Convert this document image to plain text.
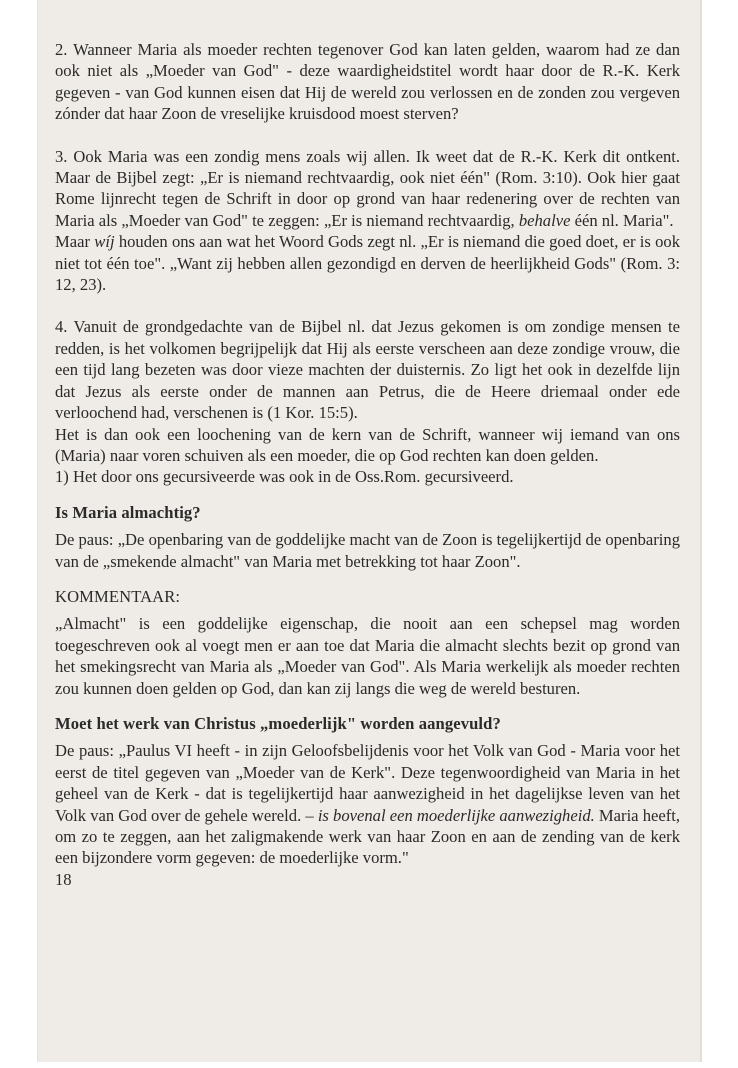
2. Wanneer Maria als moeder rechten tegenover God kan laten gelden, waarom had ze dan ook niet als „Moeder van God" - deze waardigheidstitel wordt haar door de R.-K. Kerk gegeven - van God kunnen eisen dat Hij de wereld zou verlossen en de zonden zou vergeven zónder dat haar Zoon de vreselijke kruisdood moest sterven?

3. Ook Maria was een zondig mens zoals wij allen. Ik weet dat de R.-K. Kerk dit ontkent. Maar de Bijbel zegt: „Er is niemand rechtvaardig, ook niet één" (Rom. 3:10). Ook hier gaat Rome lijnrecht tegen de Schrift in door op grond van haar redenering over de rechten van Maria als „Moeder van God" te zeggen: „Er is niemand rechtvaardig, behalve één nl. Maria".

Maar wíj houden ons aan wat het Woord Gods zegt nl. „Er is niemand die goed doet, er is ook niet tot één toe". „Want zij hebben allen gezondigd en derven de heerlijkheid Gods" (Rom. 3: 12, 23).

4. Vanuit de grondgedachte van de Bijbel nl. dat Jezus gekomen is om zondige mensen te redden, is het volkomen begrijpelijk dat Hij als eerste verscheen aan deze zondige vrouw, die een tijd lang bezeten was door vieze machten der duisternis. Zo ligt het ook in dezelfde lijn dat Jezus als eerste onder de mannen aan Petrus, die de Heere driemaal onder ede verloochend had, verschenen is (1 Kor. 15:5).

Het is dan ook een loochening van de kern van de Schrift, wanneer wij iemand van ons (Maria) naar voren schuiven als een moeder, die op God rechten kan doen gelden.

1) Het door ons gecursiveerde was ook in de Oss.Rom. gecursiveerd.

Is Maria almachtig?

De paus: „De openbaring van de goddelijke macht van de Zoon is tegelijkertijd de openbaring van de „smekende almacht" van Maria met betrekking tot haar Zoon".

KOMMENTAAR:

„Almacht" is een goddelijke eigenschap, die nooit aan een schepsel mag worden toegeschreven ook al voegt men er aan toe dat Maria die almacht slechts bezit op grond van het smekingsrecht van Maria als „Moeder van God". Als Maria werkelijk als moeder rechten zou kunnen doen gelden op God, dan kan zij langs die weg de wereld besturen.

Moet het werk van Christus „moederlijk" worden aangevuld?

De paus: „Paulus VI heeft - in zijn Geloofsbelijdenis voor het Volk van God - Maria voor het eerst de titel gegeven van „Moeder van de Kerk". Deze tegenwoordigheid van Maria in het geheel van de Kerk - dat is tegelijkertijd haar aanwezigheid in het dagelijkse leven van het Volk van God over de gehele wereld. – is bovenal een moederlijke aanwezigheid. Maria heeft, om zo te zeggen, aan het zaligmakende werk van haar Zoon en aan de zending van de kerk een bijzondere vorm gegeven: de moederlijke vorm."

18
